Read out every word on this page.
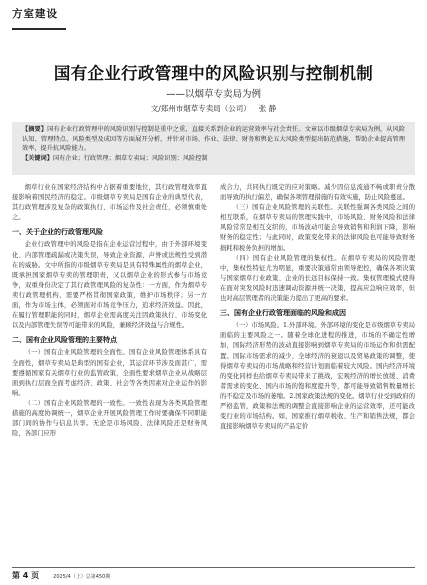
方室建设
国有企业行政管理中的风险识别与控制机制
——以烟草专卖局为例
文/郑州市烟草专卖局（公司） 张 静
【摘要】国有企业行政管理中的风险识别与控制是重中之重，直接关系到企业的运营效率与社会责任。文章以市级烟草专卖局为例，从风险认知、管理特点、风险类型及成因等方面展开分析，并针对市场、作业、法律、财务和舆论五大风险类型提出防范措施，帮助企业提高管理效率，提升抗风险能力。
【关键词】国有企业；行政管理；烟草专卖局；风险识别；风险控制

烟草行业在国家经济结构中占据着重要地位，其行政管理效率直接影响着国民经济的稳定。市级烟草专卖局是国有企业的典型代表，其行政管理涉及复杂的政策执行、市场运作及社会责任，必须慎重处之。

一、关于企业的行政管理风险

企业行政管理中的风险是指在企业运营过程中，由于外部环境变化、内部管理疏漏或决策失误，导致企业资源、声誉或法规性受到潜在的威胁。文中所指的市级烟草专卖局是具有特殊属性的烟草企业，既承担国家烟草专卖的管理职责，又以烟草企业的形式参与市场竞争，双重身份决定了其行政管理风险的复杂性：一方面，作为烟草专卖行政管理机构，需要严格贯彻国家政策，维护市场秩序；另一方面，作为市场主体，必须面对市场竞争压力，追求经济效益。因此，在履行管理职能的同时，烟草企业需高度关注因政策执行、市场变化以及内部管理失误等可能带来的风险，兼顾经济效益与合规性。

二、国有企业风险管理的主要特点

（一）国有企业风险管理的全面性。国有企业风险管理体系具有全面性，烟草专卖局是典型的国有企业，其运营环节涉及面甚广，需要遵循国家有关烟草行业的监管政策，全面性要求烟草企业从战略层面到执行层面全面考虑经济、政策、社会等各类因素对企业运作的影响。

（二）国有企业风险管理的一致性。一致性表现为各类风险管理措施的高度协调统一，烟草企业开展风险管理工作时要确保不同职能部门间的协作与信息共享。无论是市场风险、法律风险还是财务风险，各部门应形

成合力，共同执行既定的应对策略。减少因信息流通不畅或职责分散而导致的执行偏差，确保各项管理措施的有效实施，防止风险蔓延。

（三）国有企业风险管理的关联性。关联性强调各类风险之间的相互联系，在烟草专卖局的管理实践中，市场风险、财务风险和法律风险常常是相互交织的，市场波动可能会导致销售和利润下降，影响财务的稳定性；与此同时，政策变化带来的法律风险也可能导致财务损耗和税务负担的增加。

（四）国有企业风险管理的集权性。在烟草专卖局的风险管理中，集权性特征尤为明显，重要决策通常由领导把控，确保各项决策与国家烟草行业政策、企业的长远目标保持一致。集权管理模式使得在面对突发风险时迅速调动资源并统一决策，提高应急响应效率，但也对高层管理者的决策能力提出了更高的要求。

三、国有企业行政管理面临的风险和成因

（一）市场风险。1.外部环境。外部环境的变化是市级烟草专卖局面临的主要风险之一。随着全球化进程的推进，市场的不确定性增加，国际经济形势的波动直接影响到烟草专卖局的市场运作和供需配置。国际市场需求的减少、全球经济的衰退以及贸易政策的调整，使得烟草专卖局的市场战略和经营计划面临着较大风险。国内经济环境的变化同样也给烟草专卖局带来了挑战，宏观经济的增长放缓、消费者需求的变化、国内市场的饱和度提升等，都可能导致销售数量增长的不稳定及市场的萎缩。2.国家政策法规的变化。烟草行业受到政府的严格监管，政策和法规的调整会直接影响企业的运营效率，还可能改变行业的市场结构。如，国家推行烟草税收、生产和销售法规，都会直接影响烟草专卖局的产品定价

第 4 页	2025/4（上）总第450期
